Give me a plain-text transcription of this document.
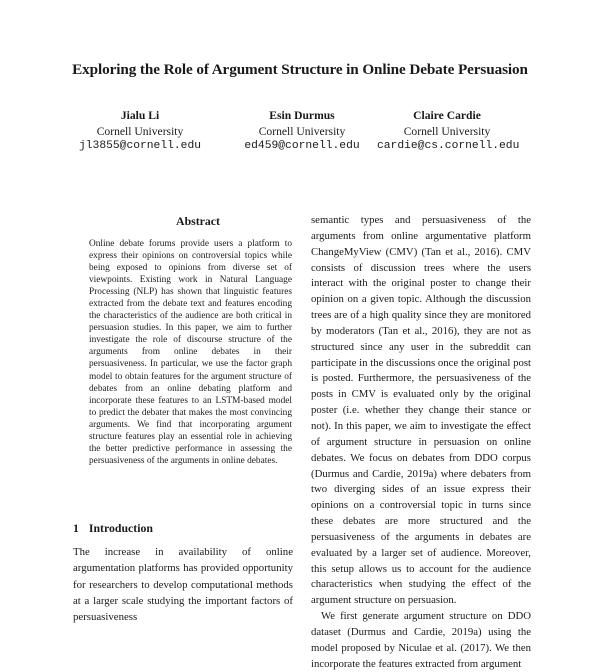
Exploring the Role of Argument Structure in Online Debate Persuasion
Jialu Li
Cornell University
jl3855@cornell.edu
Esin Durmus
Cornell University
ed459@cornell.edu
Claire Cardie
Cornell University
cardie@cs.cornell.edu
Abstract

Online debate forums provide users a platform to express their opinions on controversial topics while being exposed to opinions from diverse set of viewpoints. Existing work in Natural Language Processing (NLP) has shown that linguistic features extracted from the debate text and features encoding the characteristics of the audience are both critical in persuasion studies. In this paper, we aim to further investigate the role of discourse structure of the arguments from online debates in their persuasiveness. In particular, we use the factor graph model to obtain features for the argument structure of debates from an online debating platform and incorporate these features to an LSTM-based model to predict the debater that makes the most convincing arguments. We find that incorporating argument structure features play an essential role in achieving the better predictive performance in assessing the persuasiveness of the arguments in online debates.

1 Introduction

The increase in availability of online argumentation platforms has provided opportunity for researchers to develop computational methods at a larger scale studying the important factors of persuasiveness

semantic types and persuasiveness of the arguments from online argumentative platform ChangeMyView (CMV) (Tan et al., 2016). CMV consists of discussion trees where the users interact with the original poster to change their opinion on a given topic. Although the discussion trees are of a high quality since they are monitored by moderators (Tan et al., 2016), they are not as structured since any user in the subreddit can participate in the discussions once the original post is posted. Furthermore, the persuasiveness of the posts in CMV is evaluated only by the original poster (i.e. whether they change their stance or not). In this paper, we aim to investigate the effect of argument structure in persuasion on online debates. We focus on debates from DDO corpus (Durmus and Cardie, 2019a) where debaters from two diverging sides of an issue express their opinions on a controversial topic in turns since these debates are more structured and the persuasiveness of the arguments in debates are evaluated by a larger set of audience. Moreover, this setup allows us to account for the audience characteristics when studying the effect of the argument structure on persuasion.

We first generate argument structure on DDO dataset (Durmus and Cardie, 2019a) using the model proposed by Niculae et al. (2017). We then incorporate the features extracted from argument
